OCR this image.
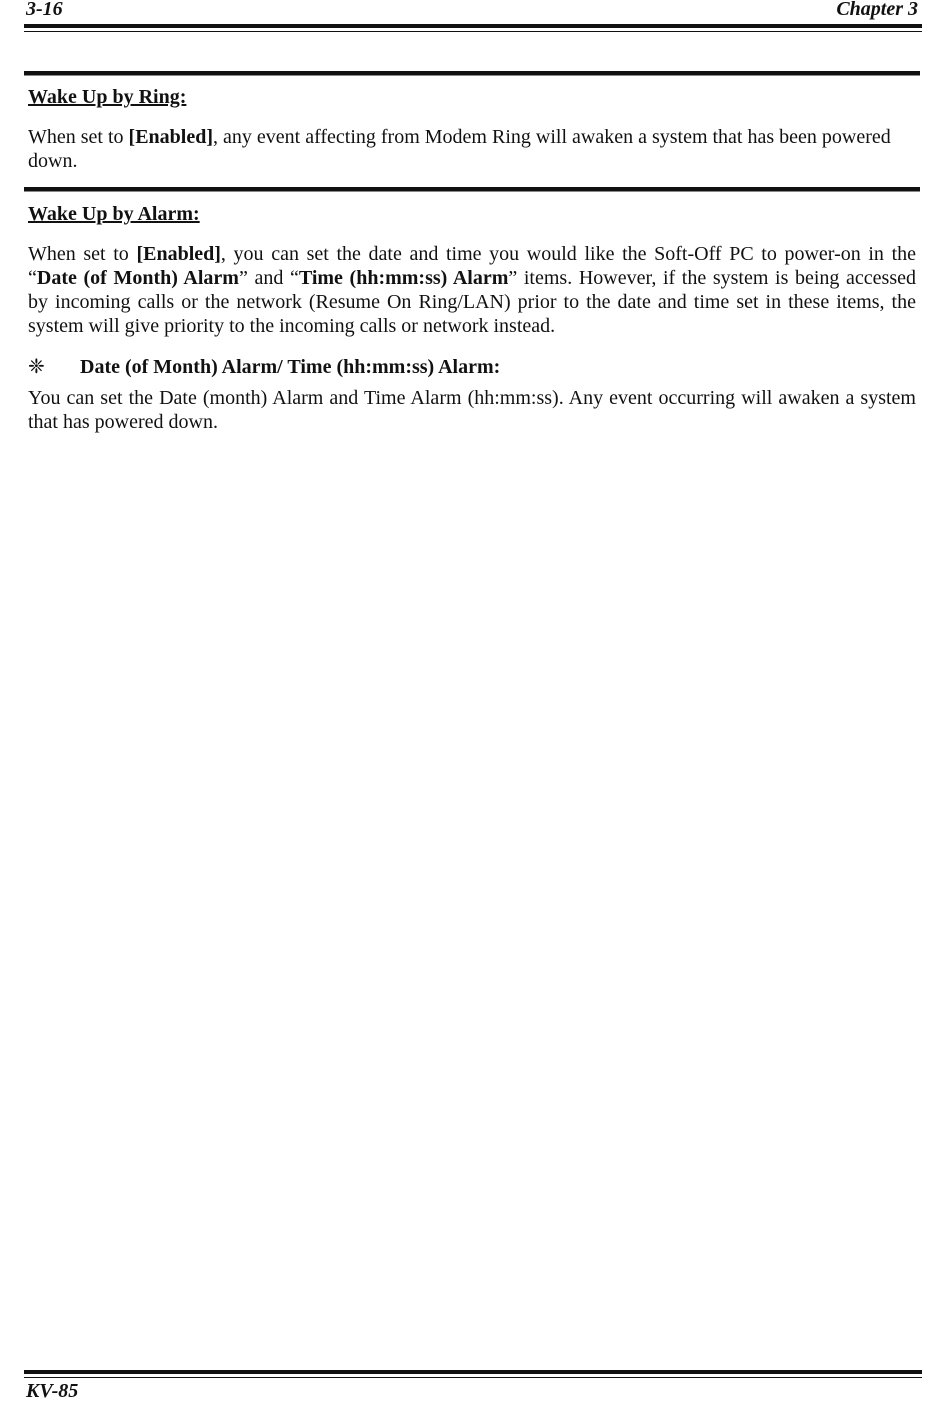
3-16	Chapter 3
Wake Up by Ring:
When set to [Enabled], any event affecting from Modem Ring will awaken a system that has been powered down.
Wake Up by Alarm:
When set to [Enabled], you can set the date and time you would like the Soft-Off PC to power-on in the “Date (of Month) Alarm” and “Time (hh:mm:ss) Alarm” items. However, if the system is being accessed by incoming calls or the network (Resume On Ring/LAN) prior to the date and time set in these items, the system will give priority to the incoming calls or network instead.
❈ Date (of Month) Alarm/ Time (hh:mm:ss) Alarm:
You can set the Date (month) Alarm and Time Alarm (hh:mm:ss). Any event occurring will awaken a system that has powered down.
KV-85
